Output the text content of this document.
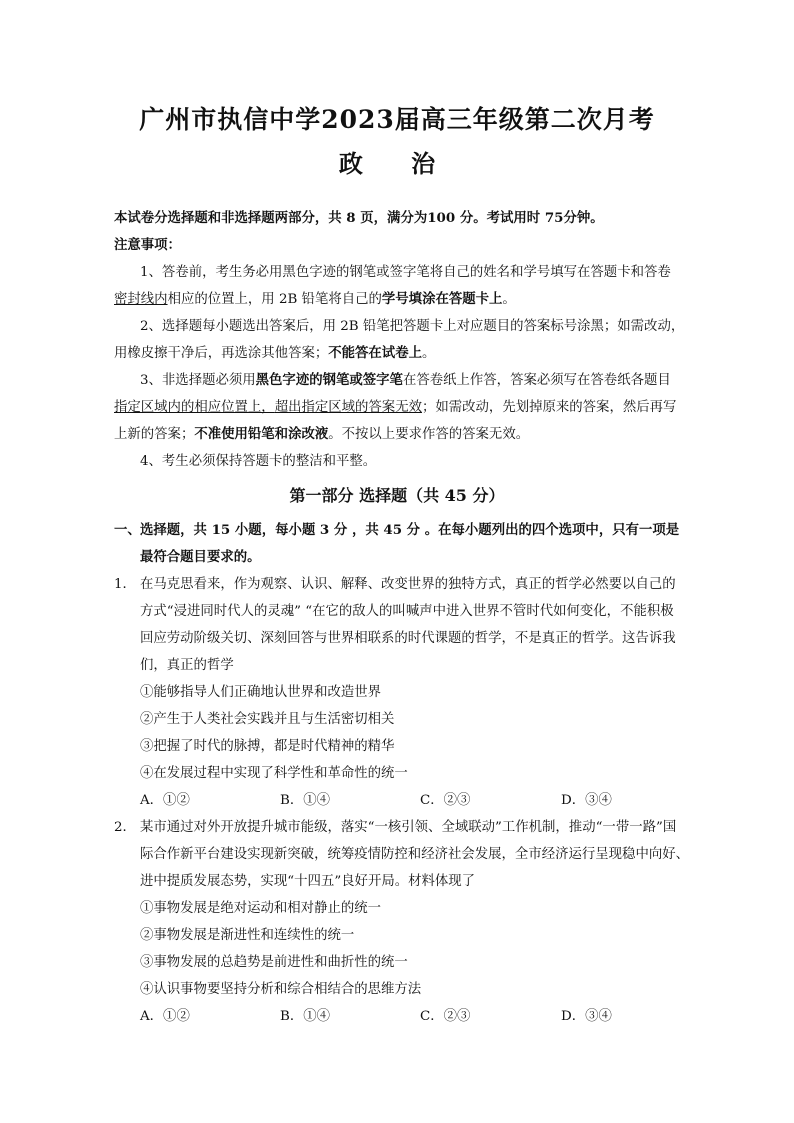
广州市执信中学2023届高三年级第二次月考
政 治
本试卷分选择题和非选择题两部分，共 8 页，满分为100 分。考试用时 75分钟。
注意事项：
1、答卷前，考生务必用黑色字迹的钢笔或签字笔将自己的姓名和学号填写在答题卡和答卷
密封线内相应的位置上，用 2B 铅笔将自己的学号填涂在答题卡上。
2、选择题每小题选出答案后，用 2B 铅笔把答题卡上对应题目的答案标号涂黑；如需改动，
用橡皮擦干净后，再选涂其他答案；不能答在试卷上。
3、非选择题必须用黑色字迹的钢笔或签字笔在答卷纸上作答，答案必须写在答卷纸各题目
指定区域内的相应位置上，超出指定区域的答案无效；如需改动，先划掉原来的答案，然后再写
上新的答案；不准使用铅笔和涂改液。不按以上要求作答的答案无效。
4、考生必须保持答题卡的整洁和平整。
第一部分 选择题（共 45 分）
一、 选择题，共 15 小题，每小题 3 分 ，共 45 分 。在每小题列出的四个选项中，只有一项是
最符合题目要求的。
1． 在马克思看来，作为观察、认识、解释、改变世界的独特方式，真正的哲学必然要以自己的
方式“浸进同时代人的灵魂” “在它的敌人的叫喊声中进入世界不管时代如何变化，不能积极
回应劳动阶级关切、深刻回答与世界相联系的时代课题的哲学，不是真正的哲学。这告诉我
们，真正的哲学
①能够指导人们正确地认世界和改造世界
②产生于人类社会实践并且与生活密切相关
③把握了时代的脉搏，都是时代精神的精华
④在发展过程中实现了科学性和革命性的统一
A．①②	B．①④	C．②③	D．③④
2． 某市通过对外开放提升城市能级，落实“一核引领、全域联动”工作机制，推动“一带一路”国
际合作新平台建设实现新突破，统筹疫情防控和经济社会发展，全市经济运行呈现稳中向好、
进中提质发展态势，实现“十四五”良好开局。材料体现了
①事物发展是绝对运动和相对静止的统一
②事物发展是渐进性和连续性的统一
③事物发展的总趋势是前进性和曲折性的统一
④认识事物要坚持分析和综合相结合的思维方法
A．①②	B．①④	C．②③	D．③④
